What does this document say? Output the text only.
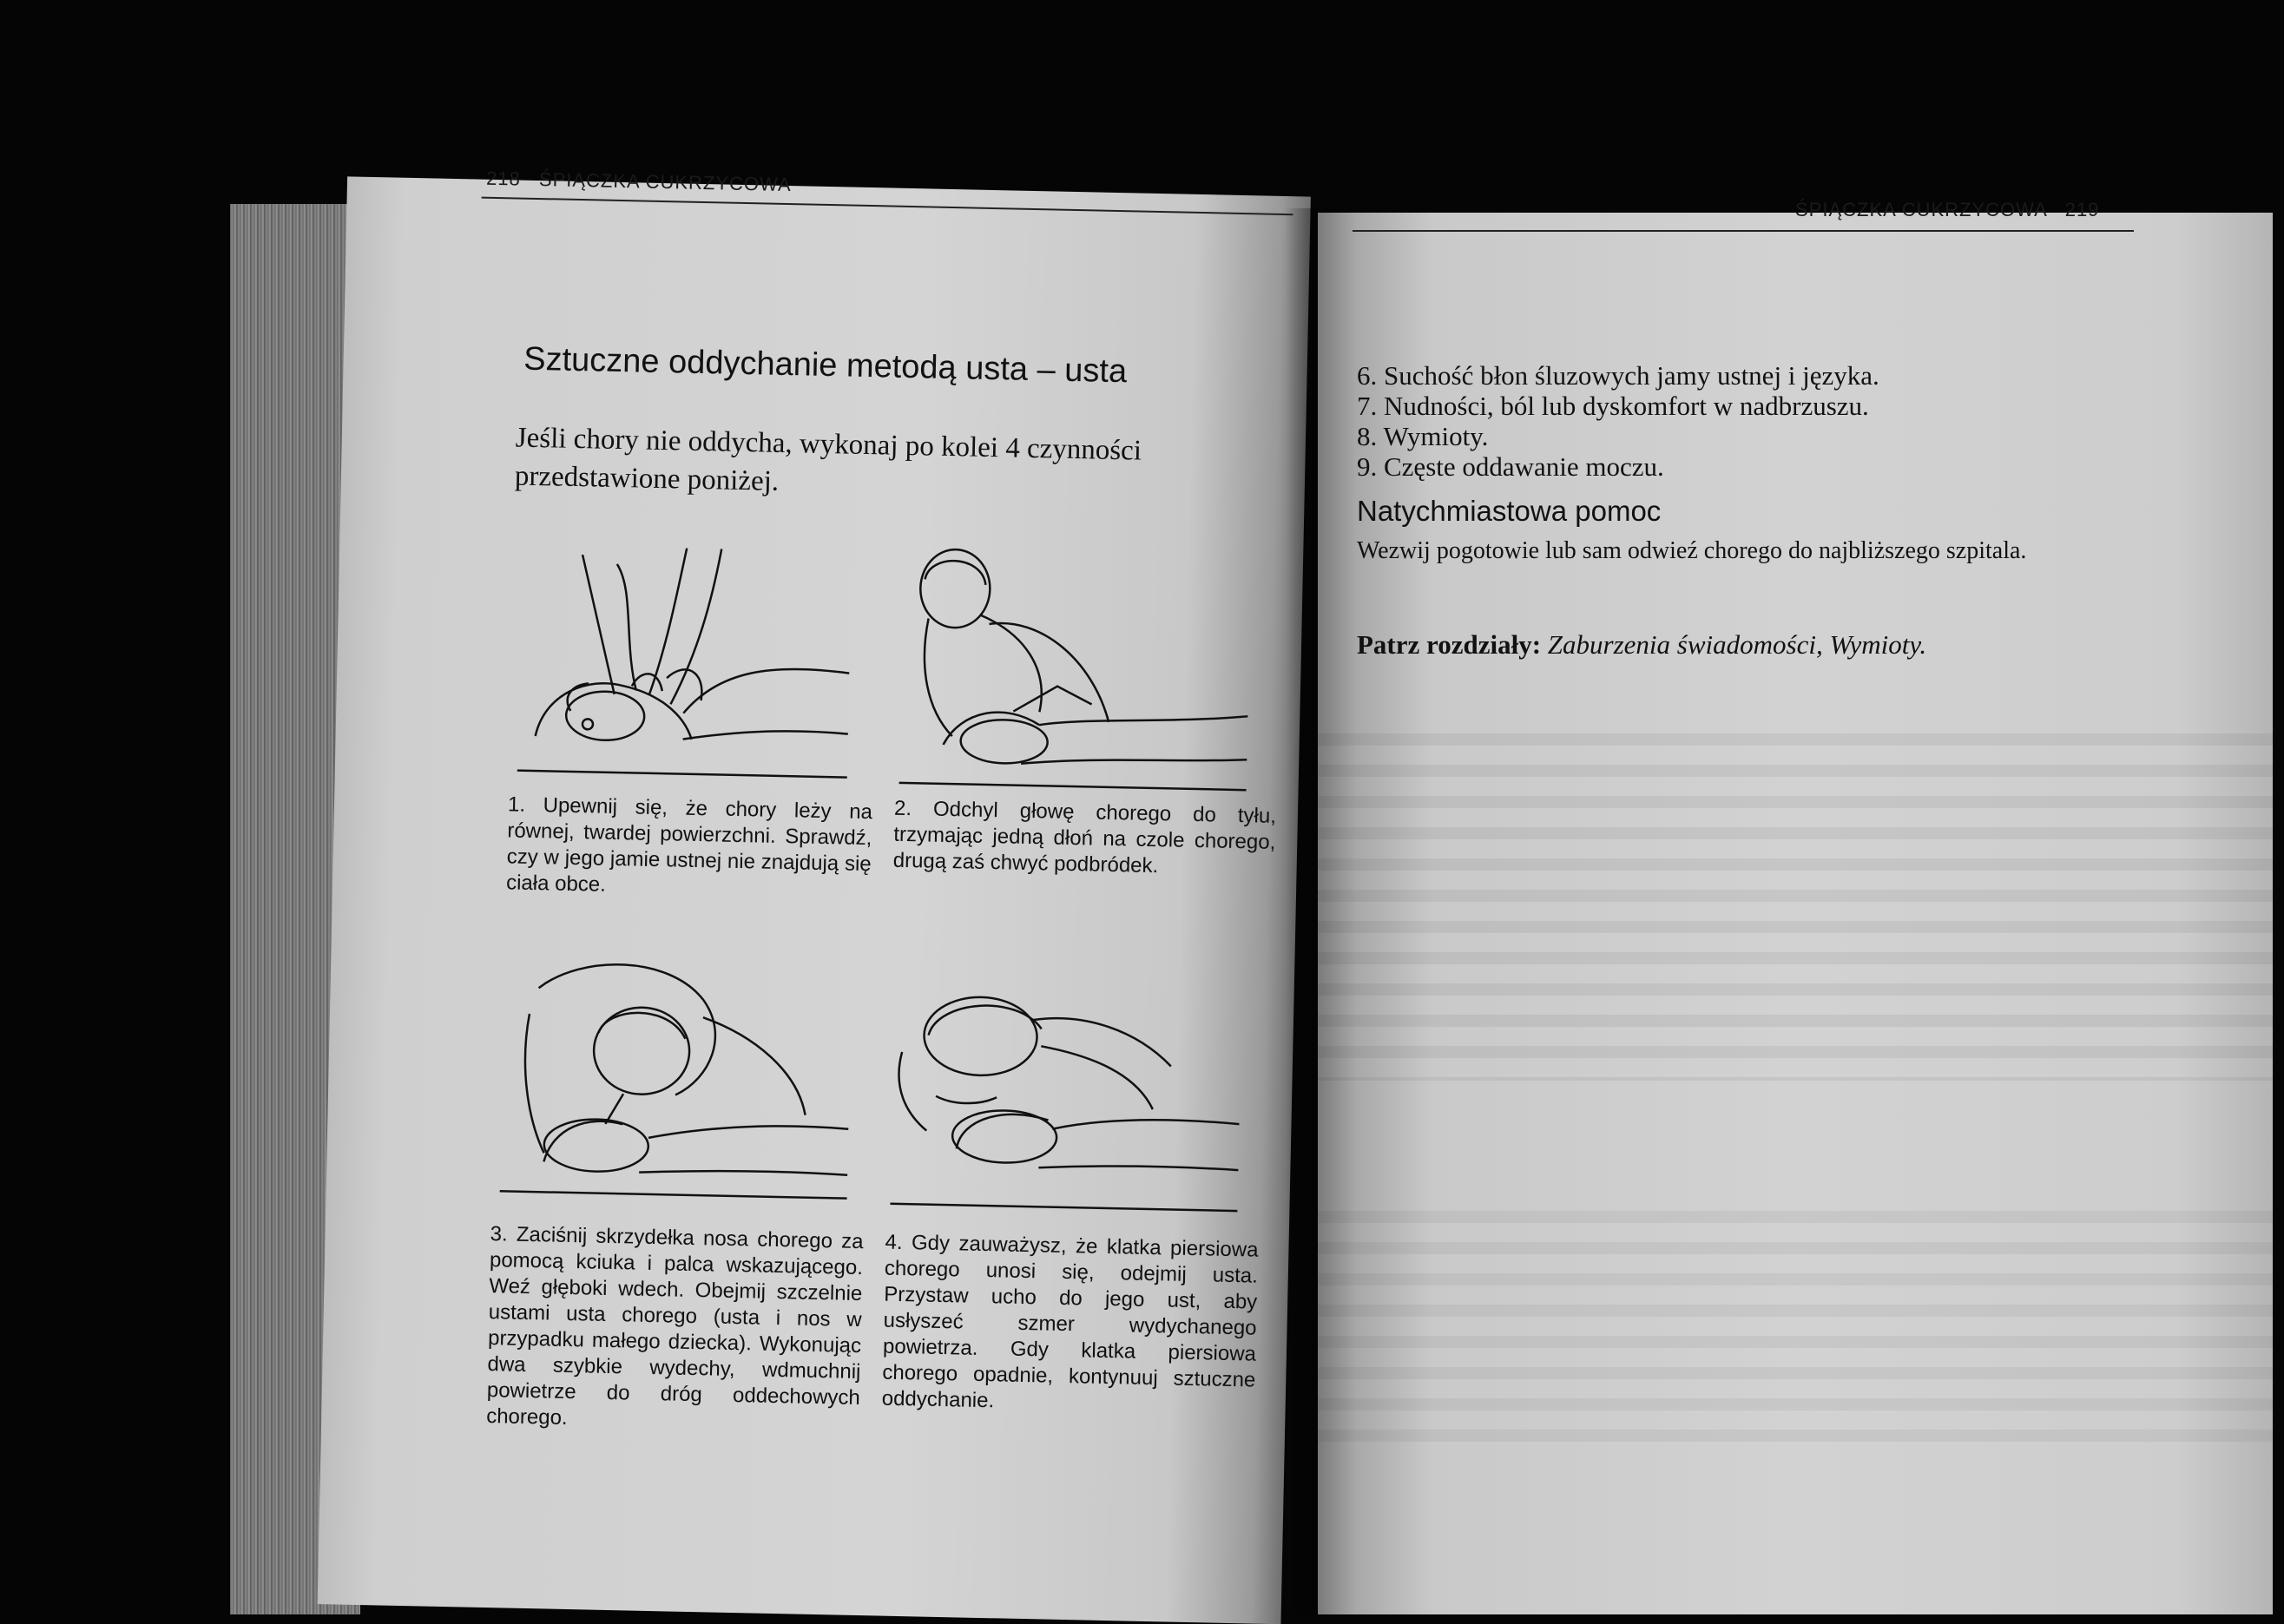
218 ŚPIĄCZKA CUKRZYCOWA
Sztuczne oddychanie metodą usta – usta
Jeśli chory nie oddycha, wykonaj po kolei 4 czynności przedstawione poniżej.
1. Upewnij się, że chory leży na równej, twardej powierzchni. Sprawdź, czy w jego jamie ustnej nie znajdują się ciała obce.
2. Odchyl głowę chorego do tyłu, trzymając jedną dłoń na czole chorego, drugą zaś chwyć podbródek.
3. Zaciśnij skrzydełka nosa chorego za pomocą kciuka i palca wskazującego. Weź głęboki wdech. Obejmij szczelnie ustami usta chorego (usta i nos w przypadku małego dziecka). Wykonując dwa szybkie wydechy, wdmuchnij powietrze do dróg oddechowych chorego.
4. Gdy zauważysz, że klatka piersiowa chorego unosi się, odejmij usta. Przystaw ucho do jego ust, aby usłyszeć szmer wydychanego powietrza. Gdy klatka piersiowa chorego opadnie, kontynuuj sztuczne oddychanie.
ŚPIĄCZKA CUKRZYCOWA 219
6. Suchość błon śluzowych jamy ustnej i języka.
7. Nudności, ból lub dyskomfort w nadbrzuszu.
8. Wymioty.
9. Częste oddawanie moczu.
Natychmiastowa pomoc
Wezwij pogotowie lub sam odwieź chorego do najbliższego szpitala.
Patrz rozdziały: Zaburzenia świadomości, Wymioty.
